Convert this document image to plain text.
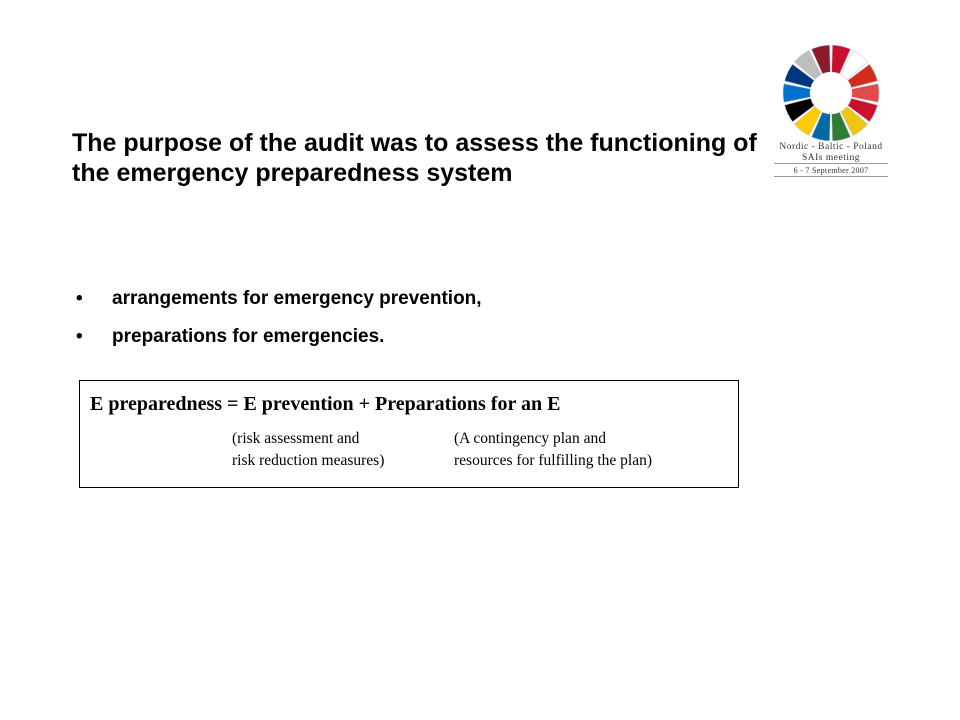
Nordic - Baltic - Poland
SAIs meeting
6 - 7 September 2007
The purpose of the audit was to assess the functioning of the emergency preparedness system
• arrangements for emergency prevention,
• preparations for emergencies.
E preparedness = E prevention + Preparations for an E
(risk assessment and
risk reduction measures)
(A contingency plan and
resources for fulfilling the plan)
